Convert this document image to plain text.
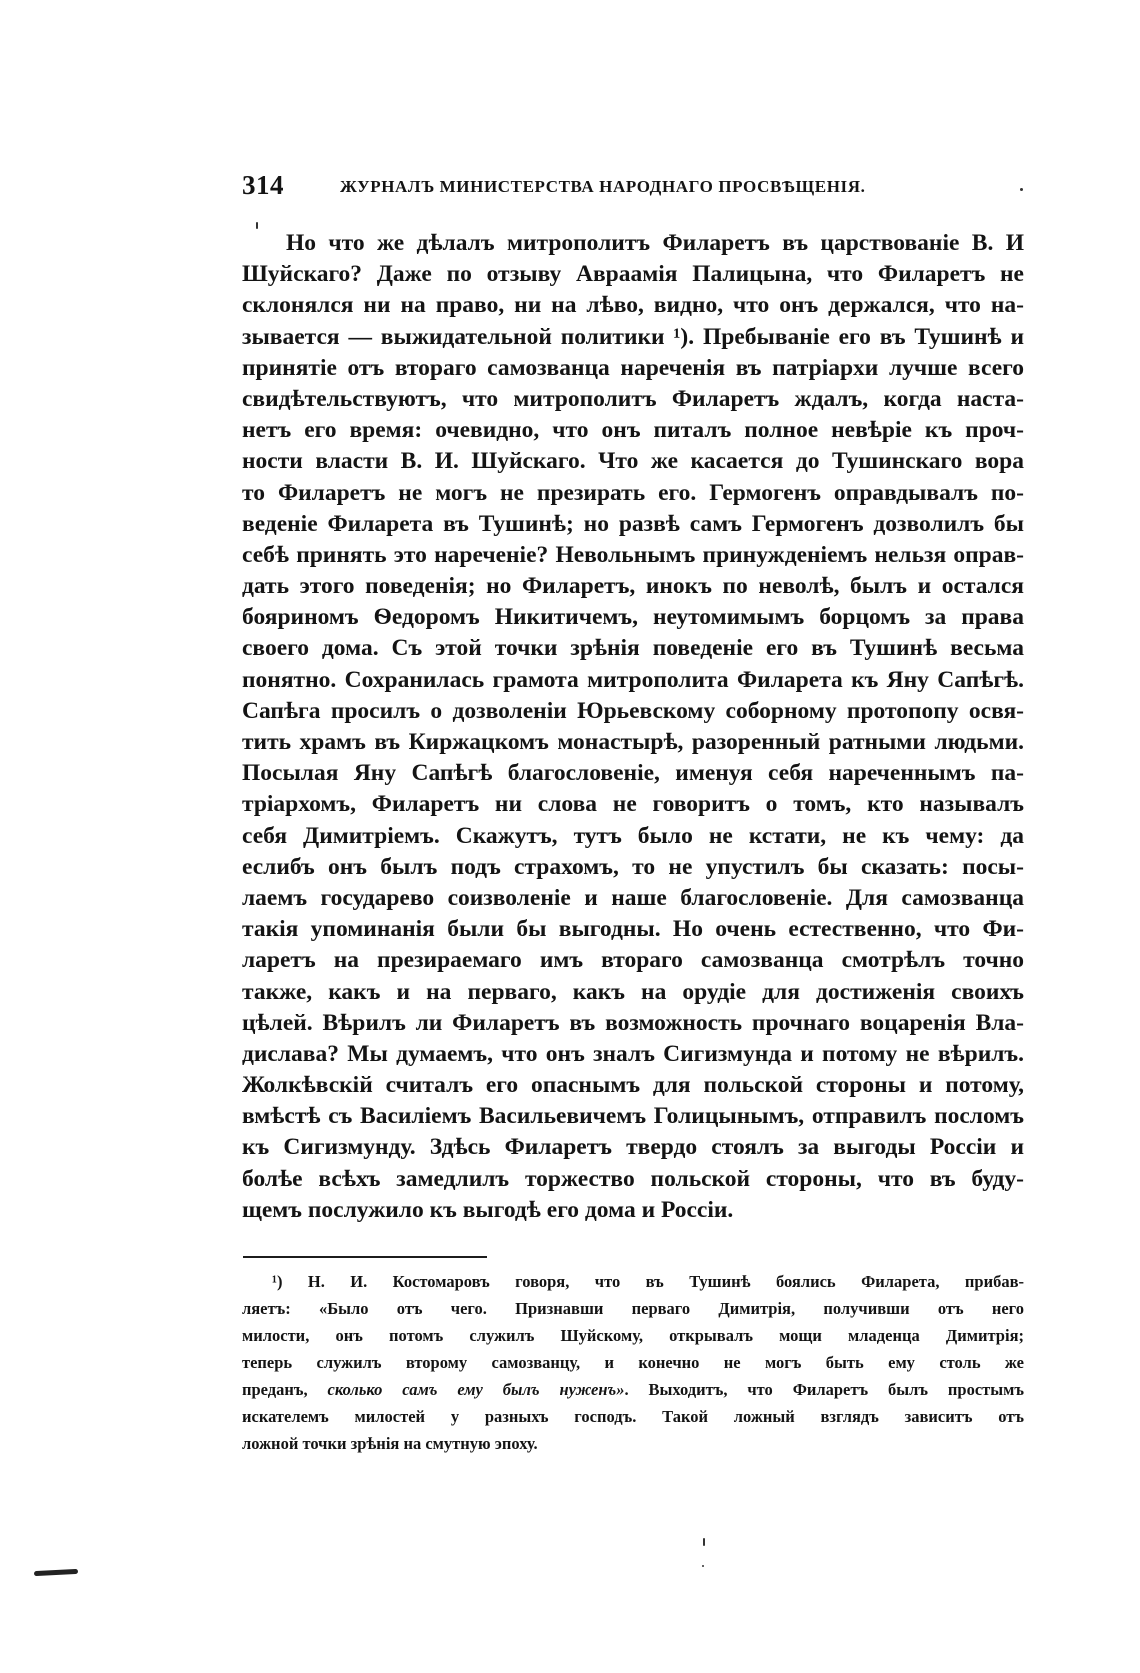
314	ЖУРНАЛЪ МИНИСТЕРСТВА НАРОДНАГО ПРОСВѢЩЕНІЯ.
Но что же дѣлалъ митрополитъ Филаретъ въ царствованіе В. И
Шуйскаго? Даже по отзыву Авраамія Палицына, что Филаретъ не
склонялся ни на право, ни на лѣво, видно, что онъ держался, что на-
зывается — выжидательной политики ¹). Пребываніе его въ Тушинѣ и
принятіе отъ втораго самозванца нареченія въ патріархи лучше всего
свидѣтельствуютъ, что митрополитъ Филаретъ ждалъ, когда наста-
нетъ его время: очевидно, что онъ питалъ полное невѣріе къ проч-
ности власти В. И. Шуйскаго. Что же касается до Тушинскаго вора
то Филаретъ не могъ не презирать его. Гермогенъ оправдывалъ по-
веденіе Филарета въ Тушинѣ; но развѣ самъ Гермогенъ дозволилъ бы
себѣ принять это нареченіе? Невольнымъ принужденіемъ нельзя оправ-
дать этого поведенія; но Филаретъ, инокъ по неволѣ, былъ и остался
бояриномъ Ѳедоромъ Никитичемъ, неутомимымъ борцомъ за права
своего дома. Съ этой точки зрѣнія поведеніе его въ Тушинѣ весьма
понятно. Сохранилась грамота митрополита Филарета къ Яну Сапѣгѣ.
Сапѣга просилъ о дозволеніи Юрьевскому соборному протопопу освя-
тить храмъ въ Киржацкомъ монастырѣ, разоренный ратными людьми.
Посылая Яну Сапѣгѣ благословеніе, именуя себя нареченнымъ па-
тріархомъ, Филаретъ ни слова не говоритъ о томъ, кто называлъ
себя Димитріемъ. Скажутъ, тутъ было не кстати, не къ чему: да
еслибъ онъ былъ подъ страхомъ, то не упустилъ бы сказать: посы-
лаемъ государево соизволеніе и наше благословеніе. Для самозванца
такія упоминанія были бы выгодны. Но очень естественно, что Фи-
ларетъ на презираемаго имъ втораго самозванца смотрѣлъ точно
также, какъ и на перваго, какъ на орудіе для достиженія своихъ
цѣлей. Вѣрилъ ли Филаретъ въ возможность прочнаго воцаренія Вла-
дислава? Мы думаемъ, что онъ зналъ Сигизмунда и потому не вѣрилъ.
Жолкѣвскій считалъ его опаснымъ для польской стороны и потому,
вмѣстѣ съ Василіемъ Васильевичемъ Голицынымъ, отправилъ посломъ
къ Сигизмунду. Здѣсь Филаретъ твердо стоялъ за выгоды Россіи и
болѣе всѣхъ замедлилъ торжество польской стороны, что въ буду-
щемъ послужило къ выгодѣ его дома и Россіи.
¹) Н. И. Костомаровъ говоря, что въ Тушинѣ боялись Филарета, прибав-
ляетъ: «Было отъ чего. Признавши перваго Димитрія, получивши отъ него
милости, онъ потомъ служилъ Шуйскому, открывалъ мощи младенца Димитрія;
теперь служилъ второму самозванцу, и конечно не могъ быть ему столь же
преданъ, сколько самъ ему былъ нуженъ». Выходитъ, что Филаретъ былъ простымъ
искателемъ милостей у разныхъ господъ. Такой ложный взглядъ зависитъ отъ
ложной точки зрѣнія на смутную эпоху.
